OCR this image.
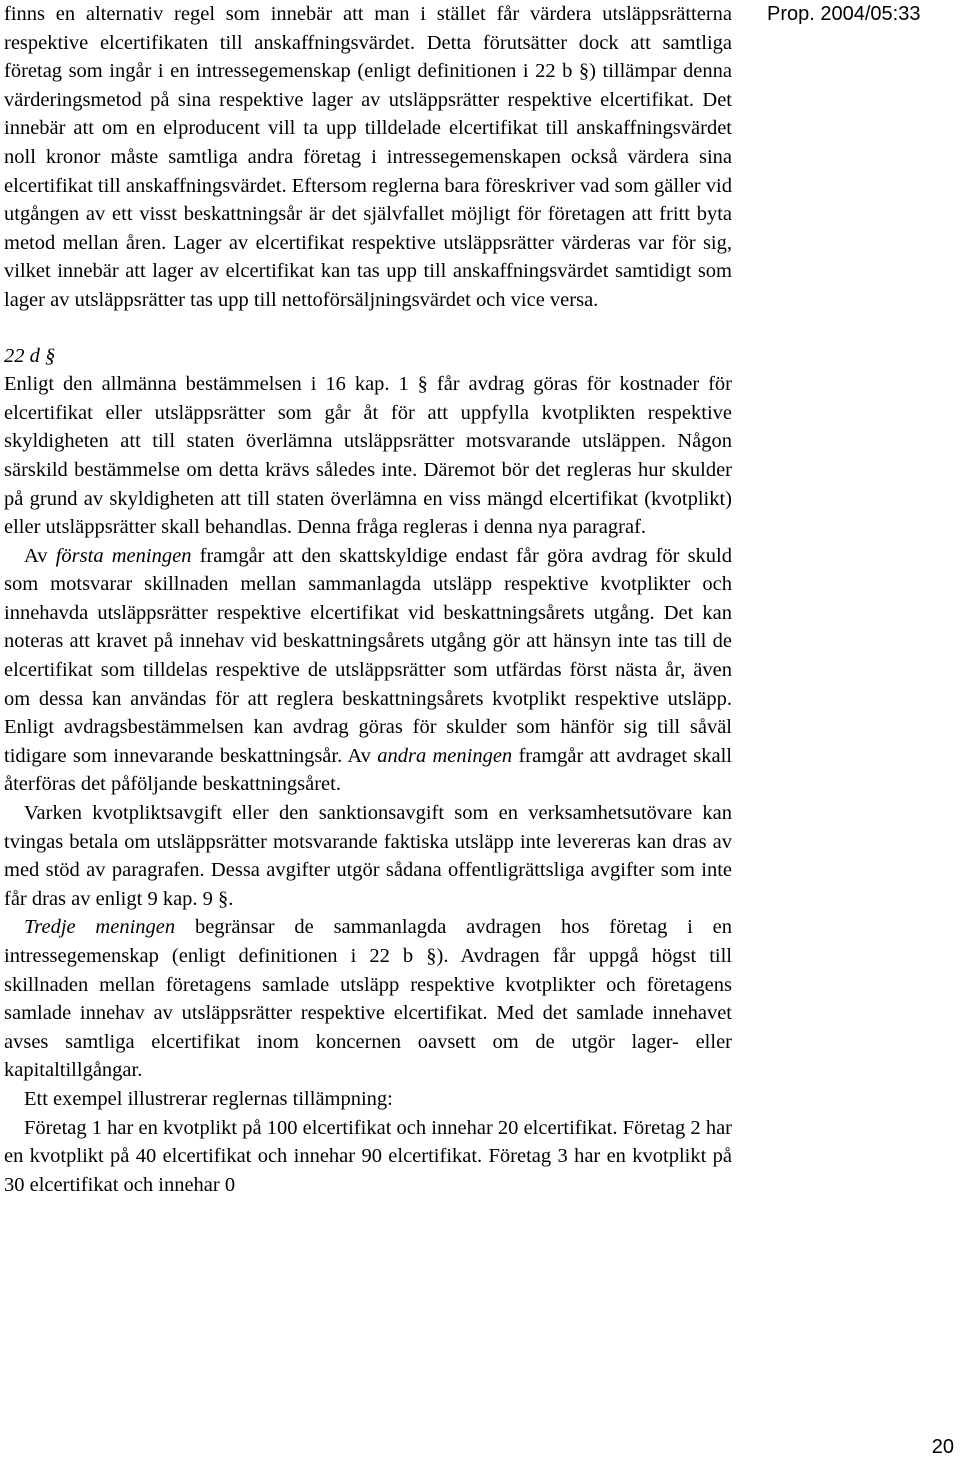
Prop. 2004/05:33

finns en alternativ regel som innebär att man i stället får värdera utsläppsrätterna respektive elcertifikaten till anskaffningsvärdet. Detta förutsätter dock att samtliga företag som ingår i en intressegemenskap (enligt definitionen i 22 b §) tillämpar denna värderingsmetod på sina respektive lager av utsläppsrätter respektive elcertifikat. Det innebär att om en elproducent vill ta upp tilldelade elcertifikat till anskaffningsvärdet noll kronor måste samtliga andra företag i intressegemenskapen också värdera sina elcertifikat till anskaffningsvärdet. Eftersom reglerna bara föreskriver vad som gäller vid utgången av ett visst beskattningsår är det självfallet möjligt för företagen att fritt byta metod mellan åren. Lager av elcertifikat respektive utsläppsrätter värderas var för sig, vilket innebär att lager av elcertifikat kan tas upp till anskaffningsvärdet samtidigt som lager av utsläppsrätter tas upp till nettoförsäljningsvärdet och vice versa.

22 d §

Enligt den allmänna bestämmelsen i 16 kap. 1 § får avdrag göras för kostnader för elcertifikat eller utsläppsrätter som går åt för att uppfylla kvotplikten respektive skyldigheten att till staten överlämna utsläppsrätter motsvarande utsläppen. Någon särskild bestämmelse om detta krävs således inte. Däremot bör det regleras hur skulder på grund av skyldigheten att till staten överlämna en viss mängd elcertifikat (kvotplikt) eller utsläppsrätter skall behandlas. Denna fråga regleras i denna nya paragraf.

Av första meningen framgår att den skattskyldige endast får göra avdrag för skuld som motsvarar skillnaden mellan sammanlagda utsläpp respektive kvotplikter och innehavda utsläppsrätter respektive elcertifikat vid beskattningsårets utgång. Det kan noteras att kravet på innehav vid beskattningsårets utgång gör att hänsyn inte tas till de elcertifikat som tilldelas respektive de utsläppsrätter som utfärdas först nästa år, även om dessa kan användas för att reglera beskattningsårets kvotplikt respektive utsläpp. Enligt avdragsbestämmelsen kan avdrag göras för skulder som hänför sig till såväl tidigare som innevarande beskattningsår. Av andra meningen framgår att avdraget skall återföras det påföljande beskattningsåret.

Varken kvotpliktsavgift eller den sanktionsavgift som en verksamhetsutövare kan tvingas betala om utsläppsrätter motsvarande faktiska utsläpp inte levereras kan dras av med stöd av paragrafen. Dessa avgifter utgör sådana offentligrättsliga avgifter som inte får dras av enligt 9 kap. 9 §.

Tredje meningen begränsar de sammanlagda avdragen hos företag i en intressegemenskap (enligt definitionen i 22 b §). Avdragen får uppgå högst till skillnaden mellan företagens samlade utsläpp respektive kvotplikter och företagens samlade innehav av utsläppsrätter respektive elcertifikat. Med det samlade innehavet avses samtliga elcertifikat inom koncernen oavsett om de utgör lager- eller kapitaltillgångar.

Ett exempel illustrerar reglernas tillämpning:

Företag 1 har en kvotplikt på 100 elcertifikat och innehar 20 elcertifikat. Företag 2 har en kvotplikt på 40 elcertifikat och innehar 90 elcertifikat. Företag 3 har en kvotplikt på 30 elcertifikat och innehar 0

20
